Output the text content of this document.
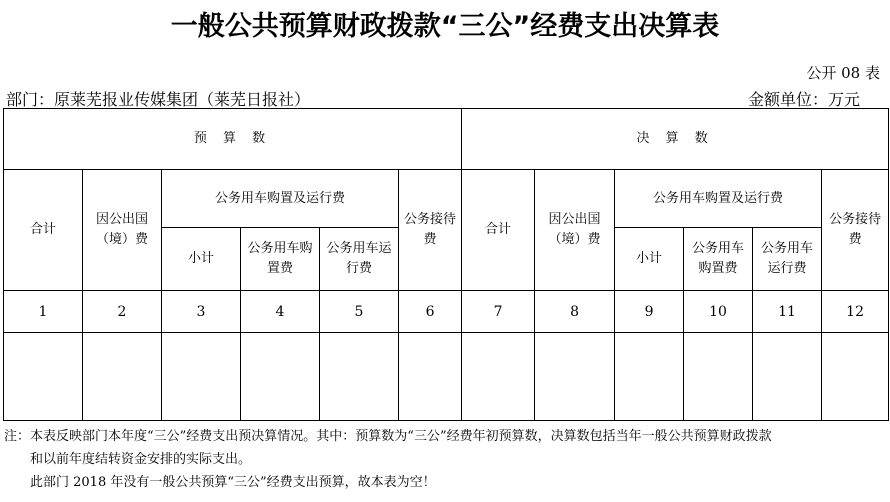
一般公共预算财政拨款“三公”经费支出决算表
公开 08 表
部门：原莱芜报业传媒集团（莱芜日报社）	金额单位：万元
预 算 数						决 算 数					
合计	因公出国（境）费	公务用车购置及运行费			公务接待费	合计	因公出国（境）费	公务用车购置及运行费			公务接待费
		小计	公务用车购置费	公务用车运行费				小计	公务用车购置费	公务用车运行费	
1	2	3	4	5	6	7	8	9	10	11	12

注：本表反映部门本年度“三公”经费支出预决算情况。其中：预算数为“三公”经费年初预算数，决算数包括当年一般公共预算财政拨款
和以前年度结转资金安排的实际支出。
此部门 2018 年没有一般公共预算“三公”经费支出预算，故本表为空！
